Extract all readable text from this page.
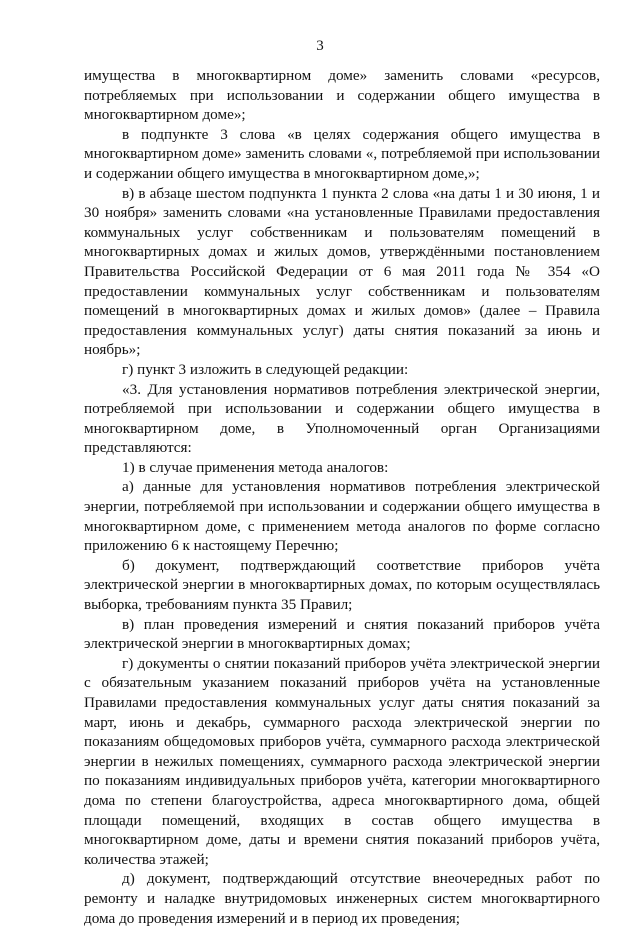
3

имущества в многоквартирном доме» заменить словами «ресурсов, потребляемых при использовании и содержании общего имущества в многоквартирном доме»;

в подпункте 3 слова «в целях содержания общего имущества в многоквартирном доме» заменить словами «, потребляемой при использовании и содержании общего имущества в многоквартирном доме,»;

в) в абзаце шестом подпункта 1 пункта 2 слова «на даты 1 и 30 июня, 1 и 30 ноября» заменить словами «на установленные Правилами предоставления коммунальных услуг собственникам и пользователям помещений в многоквартирных домах и жилых домов, утверждёнными постановлением Правительства Российской Федерации от 6 мая 2011 года № 354 «О предоставлении коммунальных услуг собственникам и пользователям помещений в многоквартирных домах и жилых домов» (далее – Правила предоставления коммунальных услуг) даты снятия показаний за июнь и ноябрь»;

г) пункт 3 изложить в следующей редакции:

«3. Для установления нормативов потребления электрической энергии, потребляемой при использовании и содержании общего имущества в многоквартирном доме, в Уполномоченный орган Организациями представляются:

1) в случае применения метода аналогов:

а) данные для установления нормативов потребления электрической энергии, потребляемой при использовании и содержании общего имущества в многоквартирном доме, с применением метода аналогов по форме согласно приложению 6 к настоящему Перечню;

б) документ, подтверждающий соответствие приборов учёта электрической энергии в многоквартирных домах, по которым осуществлялась выборка, требованиям пункта 35 Правил;

в) план проведения измерений и снятия показаний приборов учёта электрической энергии в многоквартирных домах;

г) документы о снятии показаний приборов учёта электрической энергии с обязательным указанием показаний приборов учёта на установленные Правилами предоставления коммунальных услуг даты снятия показаний за март, июнь и декабрь, суммарного расхода электрической энергии по показаниям общедомовых приборов учёта, суммарного расхода электрической энергии в нежилых помещениях, суммарного расхода электрической энергии по показаниям индивидуальных приборов учёта, категории многоквартирного дома по степени благоустройства, адреса многоквартирного дома, общей площади помещений, входящих в состав общего имущества в многоквартирном доме, даты и времени снятия показаний приборов учёта, количества этажей;

д) документ, подтверждающий отсутствие внеочередных работ по ремонту и наладке внутридомовых инженерных систем многоквартирного дома до проведения измерений и в период их проведения;
